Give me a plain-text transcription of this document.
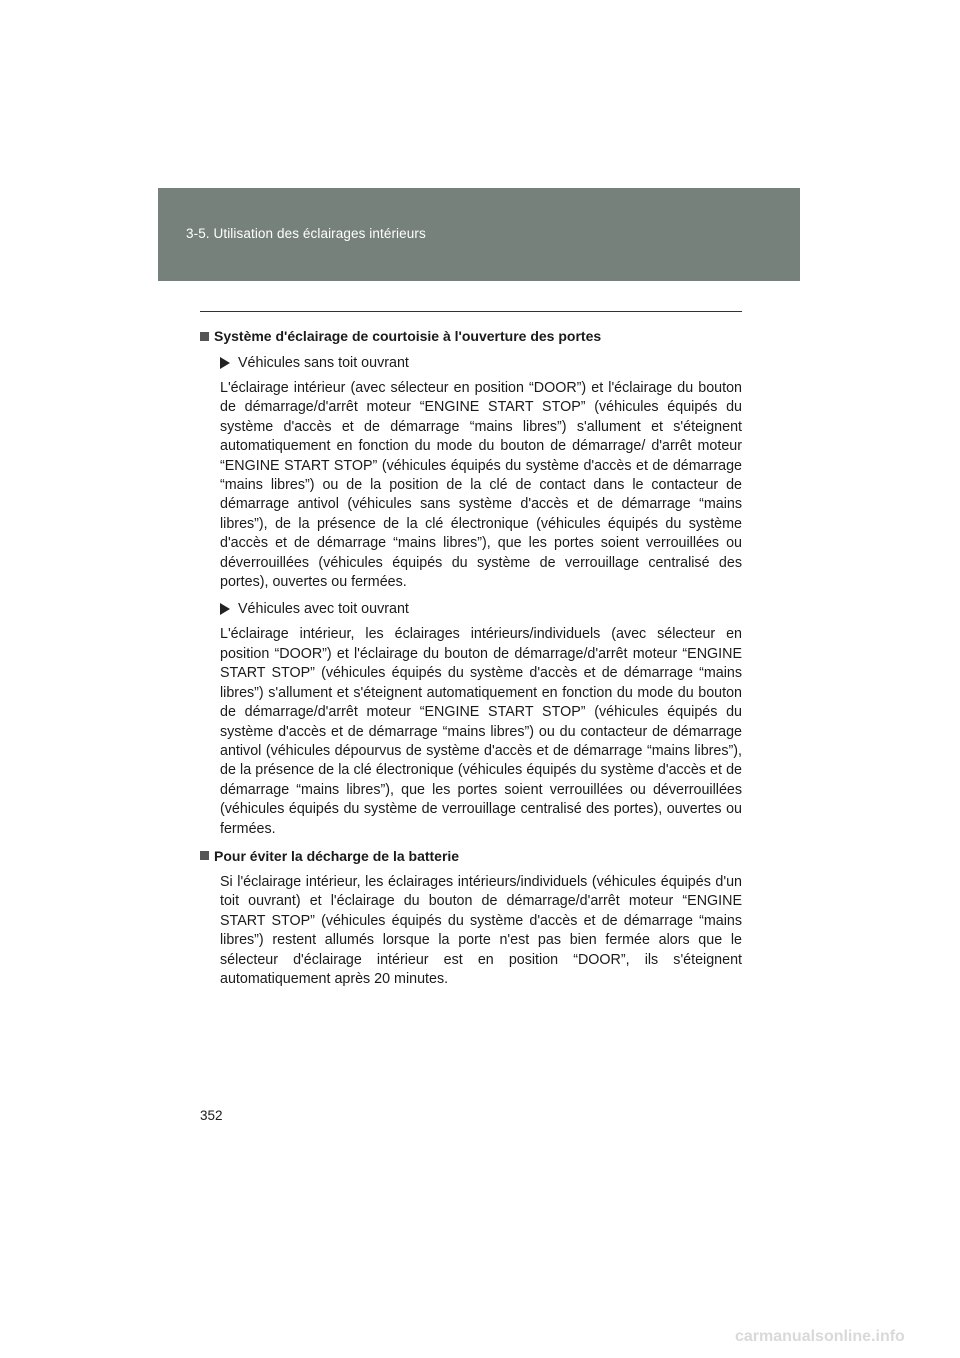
3-5. Utilisation des éclairages intérieurs
Système d'éclairage de courtoisie à l'ouverture des portes
Véhicules sans toit ouvrant

L'éclairage intérieur (avec sélecteur en position “DOOR”) et l'éclairage du bouton de démarrage/d'arrêt moteur “ENGINE START STOP” (véhicules équipés du système d'accès et de démarrage “mains libres”) s'allument et s'éteignent automatiquement en fonction du mode du bouton de démarrage/ d'arrêt moteur “ENGINE START STOP” (véhicules équipés du système d'accès et de démarrage “mains libres”) ou de la position de la clé de contact dans le contacteur de démarrage antivol (véhicules sans système d'accès et de démarrage “mains libres”), de la présence de la clé électronique (véhicules équipés du système d'accès et de démarrage “mains libres”), que les portes soient verrouillées ou déverrouillées (véhicules équipés du système de verrouillage centralisé des portes), ouvertes ou fermées.

Véhicules avec toit ouvrant

L'éclairage intérieur, les éclairages intérieurs/individuels (avec sélecteur en position “DOOR”) et l'éclairage du bouton de démarrage/d'arrêt moteur “ENGINE START STOP” (véhicules équipés du système d'accès et de démarrage “mains libres”) s'allument et s'éteignent automatiquement en fonction du mode du bouton de démarrage/d'arrêt moteur “ENGINE START STOP” (véhicules équipés du système d'accès et de démarrage “mains libres”) ou du contacteur de démarrage antivol (véhicules dépourvus de système d'accès et de démarrage “mains libres”), de la présence de la clé électronique (véhicules équipés du système d'accès et de démarrage “mains libres”), que les portes soient verrouillées ou déverrouillées (véhicules équipés du système de verrouillage centralisé des portes), ouvertes ou fermées.

Pour éviter la décharge de la batterie

Si l'éclairage intérieur, les éclairages intérieurs/individuels (véhicules équipés d'un toit ouvrant) et l'éclairage du bouton de démarrage/d'arrêt moteur “ENGINE START STOP” (véhicules équipés du système d'accès et de démarrage “mains libres”) restent allumés lorsque la porte n'est pas bien fermée alors que le sélecteur d'éclairage intérieur est en position “DOOR”, ils s'éteignent automatiquement après 20 minutes.

352
carmanualsonline.info
